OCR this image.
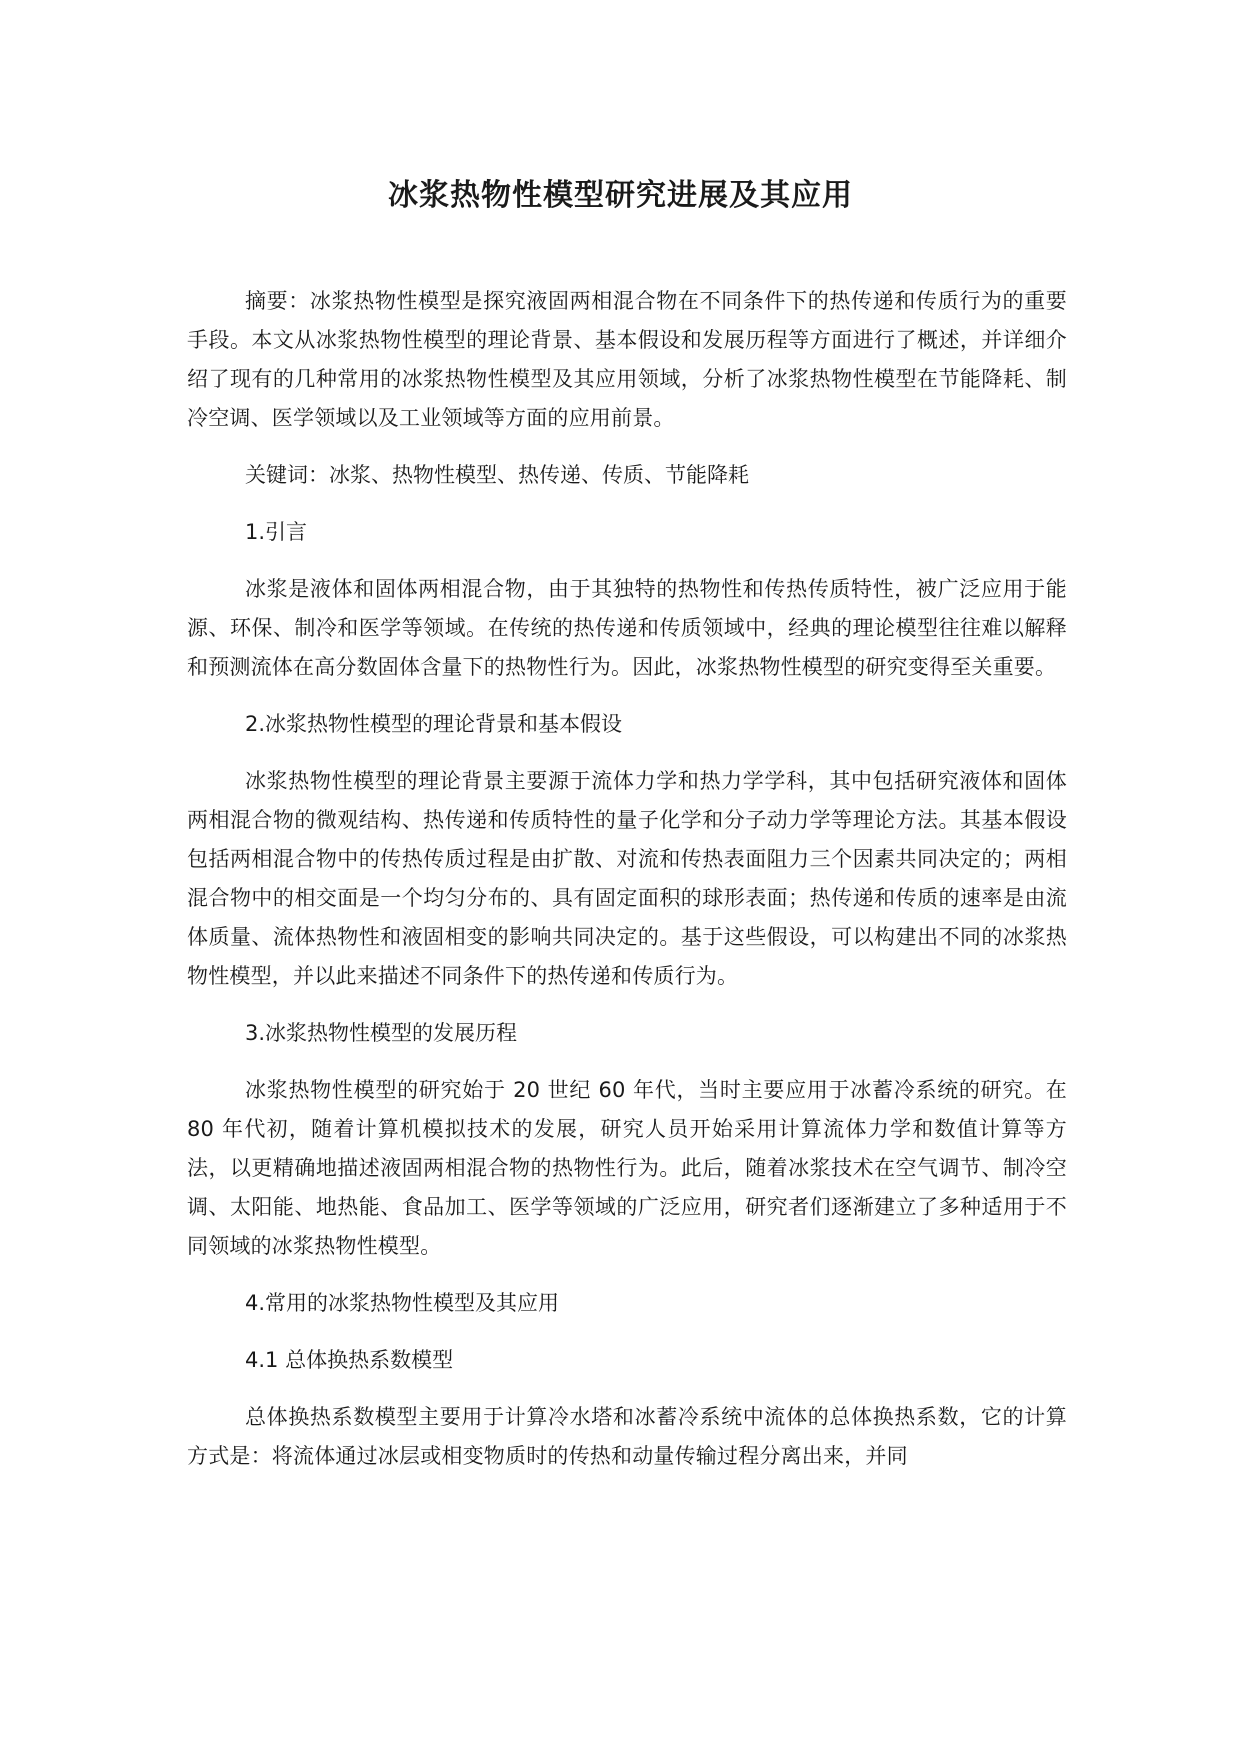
冰浆热物性模型研究进展及其应用

摘要：冰浆热物性模型是探究液固两相混合物在不同条件下的热传递和传质行为的重要手段。本文从冰浆热物性模型的理论背景、基本假设和发展历程等方面进行了概述，并详细介绍了现有的几种常用的冰浆热物性模型及其应用领域，分析了冰浆热物性模型在节能降耗、制冷空调、医学领域以及工业领域等方面的应用前景。

关键词：冰浆、热物性模型、热传递、传质、节能降耗

1.引言

冰浆是液体和固体两相混合物，由于其独特的热物性和传热传质特性，被广泛应用于能源、环保、制冷和医学等领域。在传统的热传递和传质领域中，经典的理论模型往往难以解释和预测流体在高分数固体含量下的热物性行为。因此，冰浆热物性模型的研究变得至关重要。

2.冰浆热物性模型的理论背景和基本假设

冰浆热物性模型的理论背景主要源于流体力学和热力学学科，其中包括研究液体和固体两相混合物的微观结构、热传递和传质特性的量子化学和分子动力学等理论方法。其基本假设包括两相混合物中的传热传质过程是由扩散、对流和传热表面阻力三个因素共同决定的；两相混合物中的相交面是一个均匀分布的、具有固定面积的球形表面；热传递和传质的速率是由流体质量、流体热物性和液固相变的影响共同决定的。基于这些假设，可以构建出不同的冰浆热物性模型，并以此来描述不同条件下的热传递和传质行为。

3.冰浆热物性模型的发展历程

冰浆热物性模型的研究始于 20 世纪 60 年代，当时主要应用于冰蓄冷系统的研究。在 80 年代初，随着计算机模拟技术的发展，研究人员开始采用计算流体力学和数值计算等方法，以更精确地描述液固两相混合物的热物性行为。此后，随着冰浆技术在空气调节、制冷空调、太阳能、地热能、食品加工、医学等领域的广泛应用，研究者们逐渐建立了多种适用于不同领域的冰浆热物性模型。

4.常用的冰浆热物性模型及其应用

4.1 总体换热系数模型

总体换热系数模型主要用于计算冷水塔和冰蓄冷系统中流体的总体换热系数，它的计算方式是：将流体通过冰层或相变物质时的传热和动量传输过程分离出来，并同
